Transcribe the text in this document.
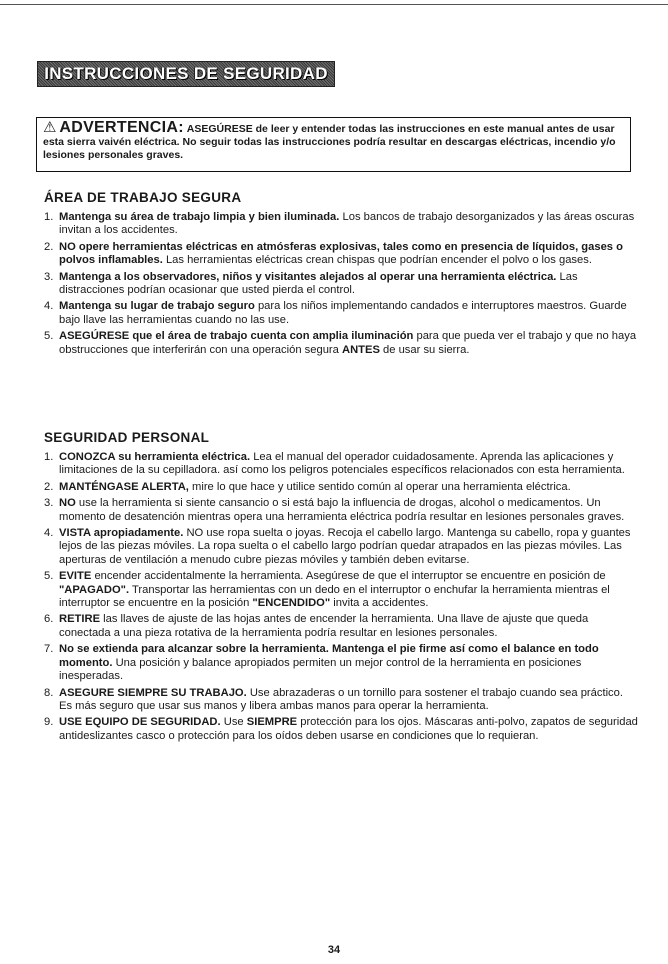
INSTRUCCIONES DE SEGURIDAD
⚠ ADVERTENCIA: ASEGÚRESE de leer y entender todas las instrucciones en este manual antes de usar esta sierra vaivén eléctrica. No seguir todas las instrucciones podría resultar en descargas eléctricas, incendio y/o lesiones personales graves.
ÁREA DE TRABAJO SEGURA
1. Mantenga su área de trabajo limpia y bien iluminada. Los bancos de trabajo desorganizados y las áreas oscuras invitan a los accidentes.
2. NO opere herramientas eléctricas en atmósferas explosivas, tales como en presencia de líquidos, gases o polvos inflamables. Las herramientas eléctricas crean chispas que podrían encender el polvo o los gases.
3. Mantenga a los observadores, niños y visitantes alejados al operar una herramienta eléctrica. Las distracciones podrían ocasionar que usted pierda el control.
4. Mantenga su lugar de trabajo seguro para los niños implementando candados e interruptores maestros. Guarde bajo llave las herramientas cuando no las use.
5. ASEGÚRESE que el área de trabajo cuenta con amplia iluminación para que pueda ver el trabajo y que no haya obstrucciones que interferirán con una operación segura ANTES de usar su sierra.
SEGURIDAD PERSONAL
1. CONOZCA su herramienta eléctrica. Lea el manual del operador cuidadosamente. Aprenda las aplicaciones y limitaciones de la su cepilladora. así como los peligros potenciales específicos relacionados con esta herramienta.
2. MANTÉNGASE ALERTA, mire lo que hace y utilice sentido común al operar una herramienta eléctrica.
3. NO use la herramienta si siente cansancio o si está bajo la influencia de drogas, alcohol o medicamentos. Un momento de desatención mientras opera una herramienta eléctrica podría resultar en lesiones personales graves.
4. VISTA apropiadamente. NO use ropa suelta o joyas. Recoja el cabello largo. Mantenga su cabello, ropa y guantes lejos de las piezas móviles. La ropa suelta o el cabello largo podrían quedar atrapados en las piezas móviles. Las aperturas de ventilación a menudo cubre piezas móviles y también deben evitarse.
5. EVITE encender accidentalmente la herramienta. Asegúrese de que el interruptor se encuentre en posición de "APAGADO". Transportar las herramientas con un dedo en el interruptor o enchufar la herramienta mientras el interruptor se encuentre en la posición "ENCENDIDO" invita a accidentes.
6. RETIRE las llaves de ajuste de las hojas antes de encender la herramienta. Una llave de ajuste que queda conectada a una pieza rotativa de la herramienta podría resultar en lesiones personales.
7. No se extienda para alcanzar sobre la herramienta. Mantenga el pie firme así como el balance en todo momento. Una posición y balance apropiados permiten un mejor control de la herramienta en posiciones inesperadas.
8. ASEGURE SIEMPRE SU TRABAJO. Use abrazaderas o un tornillo para sostener el trabajo cuando sea práctico. Es más seguro que usar sus manos y libera ambas manos para operar la herramienta.
9. USE EQUIPO DE SEGURIDAD. Use SIEMPRE protección para los ojos. Máscaras anti-polvo, zapatos de seguridad antideslizantes casco o protección para los oídos deben usarse en condiciones que lo requieran.
34
